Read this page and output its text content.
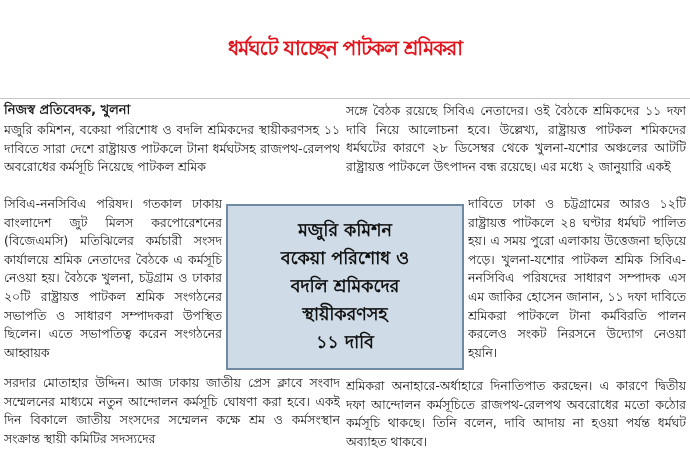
ধর্মঘটে যাচ্ছেন পাটকল শ্রমিকরা
নিজস্ব প্রতিবেদক, খুলনা

মজুরি কমিশন, বকেয়া পরিশোধ ও বদলি শ্রমিকদের স্থায়ীকরণসহ ১১ দাবিতে সারা দেশে রাষ্ট্রায়ত্ত পাটকলে টানা ধর্মঘটসহ রাজপথ-রেলপথ অবরোধের কর্মসূচি নিয়েছে পাটকল শ্রমিক

সিবিএ-ননসিবিএ পরিষদ। গতকাল ঢাকায় বাংলাদেশ জুট মিলস করপোরেশনের (বিজেএমসি) মতিঝিলের কর্মচারী সংসদ কার্যালয়ে শ্রমিক নেতাদের বৈঠকে এ কর্মসূচি নেওয়া হয়। বৈঠকে খুলনা, চট্টগ্রাম ও ঢাকার ২০টি রাষ্ট্রায়ত্ত পাটকল শ্রমিক সংগঠনের সভাপতি ও সাধারণ সম্পাদকরা উপস্থিত ছিলেন। এতে সভাপতিত্ব করেন সংগঠনের আহ্বায়ক

সরদার মোতাহার উদ্দিন। আজ ঢাকায় জাতীয় প্রেস ক্লাবে সংবাদ সম্মেলনের মাধ্যমে নতুন আন্দোলন কর্মসূচি ঘোষণা করা হবে। একই দিন বিকালে জাতীয় সংসদের সম্মেলন কক্ষে শ্রম ও কর্মসংস্থান সংক্রান্ত স্থায়ী কমিটির সদস্যদের

মজুরি কমিশন
বকেয়া পরিশোধ ও
বদলি শ্রমিকদের
স্থায়ীকরণসহ
১১ দাবি

সঙ্গে বৈঠক রয়েছে সিবিএ নেতাদের। ওই বৈঠকে শ্রমিকদের ১১ দফা দাবি নিয়ে আলোচনা হবে। উল্লেখ্য, রাষ্ট্রায়ত্ত পাটকল শমিকদের ধর্মঘটের কারণে ২৮ ডিসেম্বর থেকে খুলনা-যশোর অঞ্চলের আটটি রাষ্ট্রায়ত্ত পাটকলে উৎপাদন বন্ধ রয়েছে। এর মধ্যে ২ জানুয়ারি একই

দাবিতে ঢাকা ও চট্টগ্রামের আরও ১২টি রাষ্ট্রায়ত্ত পাটকলে ২৪ ঘণ্টার ধর্মঘট পালিত হয়। এ সময় পুরো এলাকায় উত্তেজনা ছড়িয়ে পড়ে। খুলনা-যশোর পাটকল শ্রমিক সিবিএ-ননসিবিএ পরিষদের সাধারণ সম্পাদক এস এম জাকির হোসেন জানান, ১১ দফা দাবিতে শ্রমিকরা পাটকলে টানা কর্মবিরতি পালন করলেও সংকট নিরসনে উদ্যোগ নেওয়া হয়নি।

শ্রমিকরা অনাহারে-অর্ধাহারে দিনাতিপাত করছেন। এ কারণে দ্বিতীয় দফা আন্দোলন কর্মসূচিতে রাজপথ-রেলপথ অবরোধের মতো কঠোর কর্মসূচি থাকছে। তিনি বলেন, দাবি আদায় না হওয়া পর্যন্ত ধর্মঘট অব্যাহত থাকবে।
